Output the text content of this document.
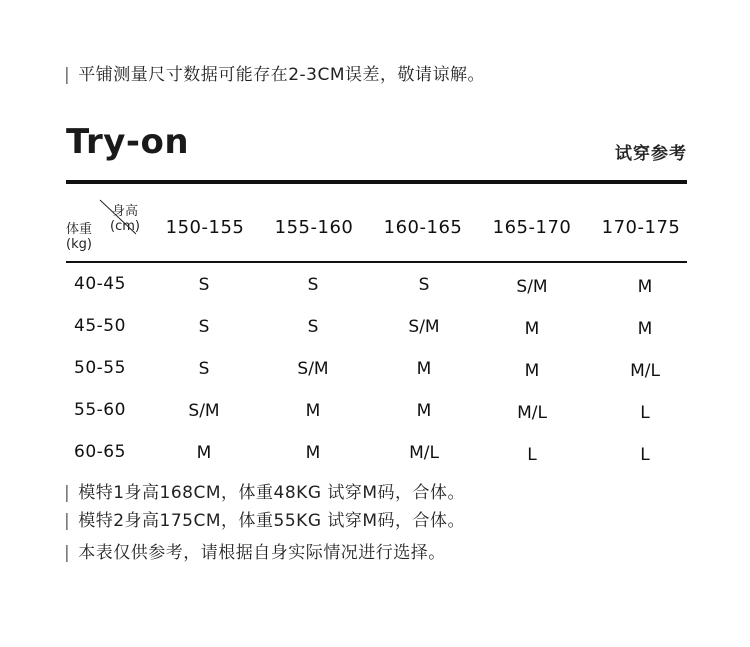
| 平铺测量尺寸数据可能存在2-3CM误差，敬请谅解。
Try-on	试穿参考
身高
(cm)
体重
(kg)
150-155	155-160	160-165	165-170	170-175
40-45	S	S	S	S/M	M
45-50	S	S	S/M	M	M
50-55	S	S/M	M	M	M/L
55-60	S/M	M	M	M/L	L
60-65	M	M	M/L	L	L
| 模特1身高168CM，体重48KG 试穿M码，合体。
| 模特2身高175CM，体重55KG 试穿M码，合体。
| 本表仅供参考，请根据自身实际情况进行选择。
